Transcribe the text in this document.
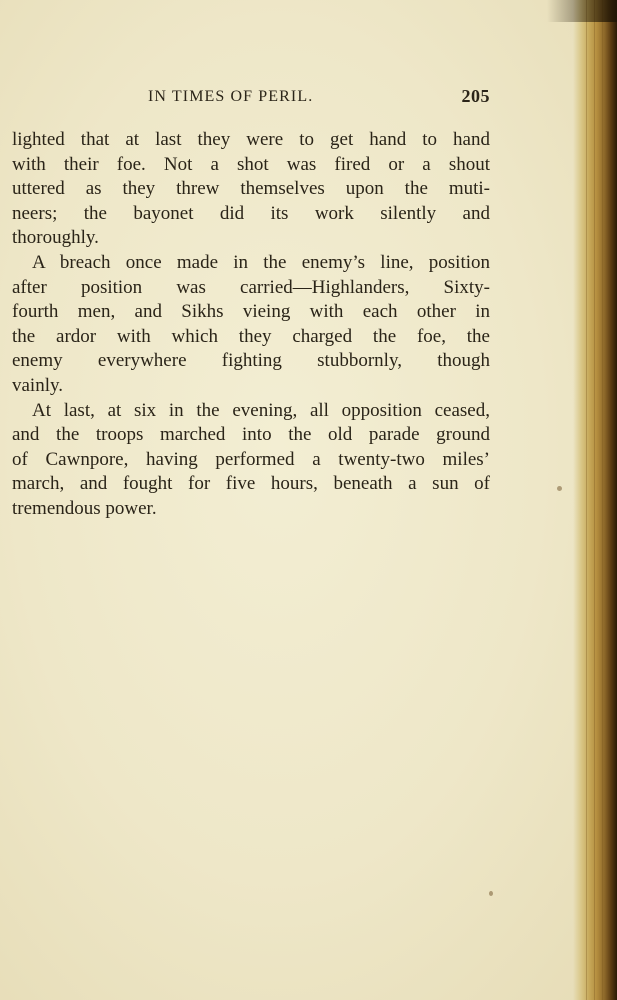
IN TIMES OF PERIL.	205
lighted that at last they were to get hand to hand
with their foe. Not a shot was fired or a shout
uttered as they threw themselves upon the muti-
neers; the bayonet did its work silently and
thoroughly.
A breach once made in the enemy’s line, position
after position was carried—Highlanders, Sixty-
fourth men, and Sikhs vieing with each other in
the ardor with which they charged the foe, the
enemy everywhere fighting stubbornly, though
vainly.
At last, at six in the evening, all opposition ceased,
and the troops marched into the old parade ground
of Cawnpore, having performed a twenty-two miles’
march, and fought for five hours, beneath a sun of
tremendous power.
